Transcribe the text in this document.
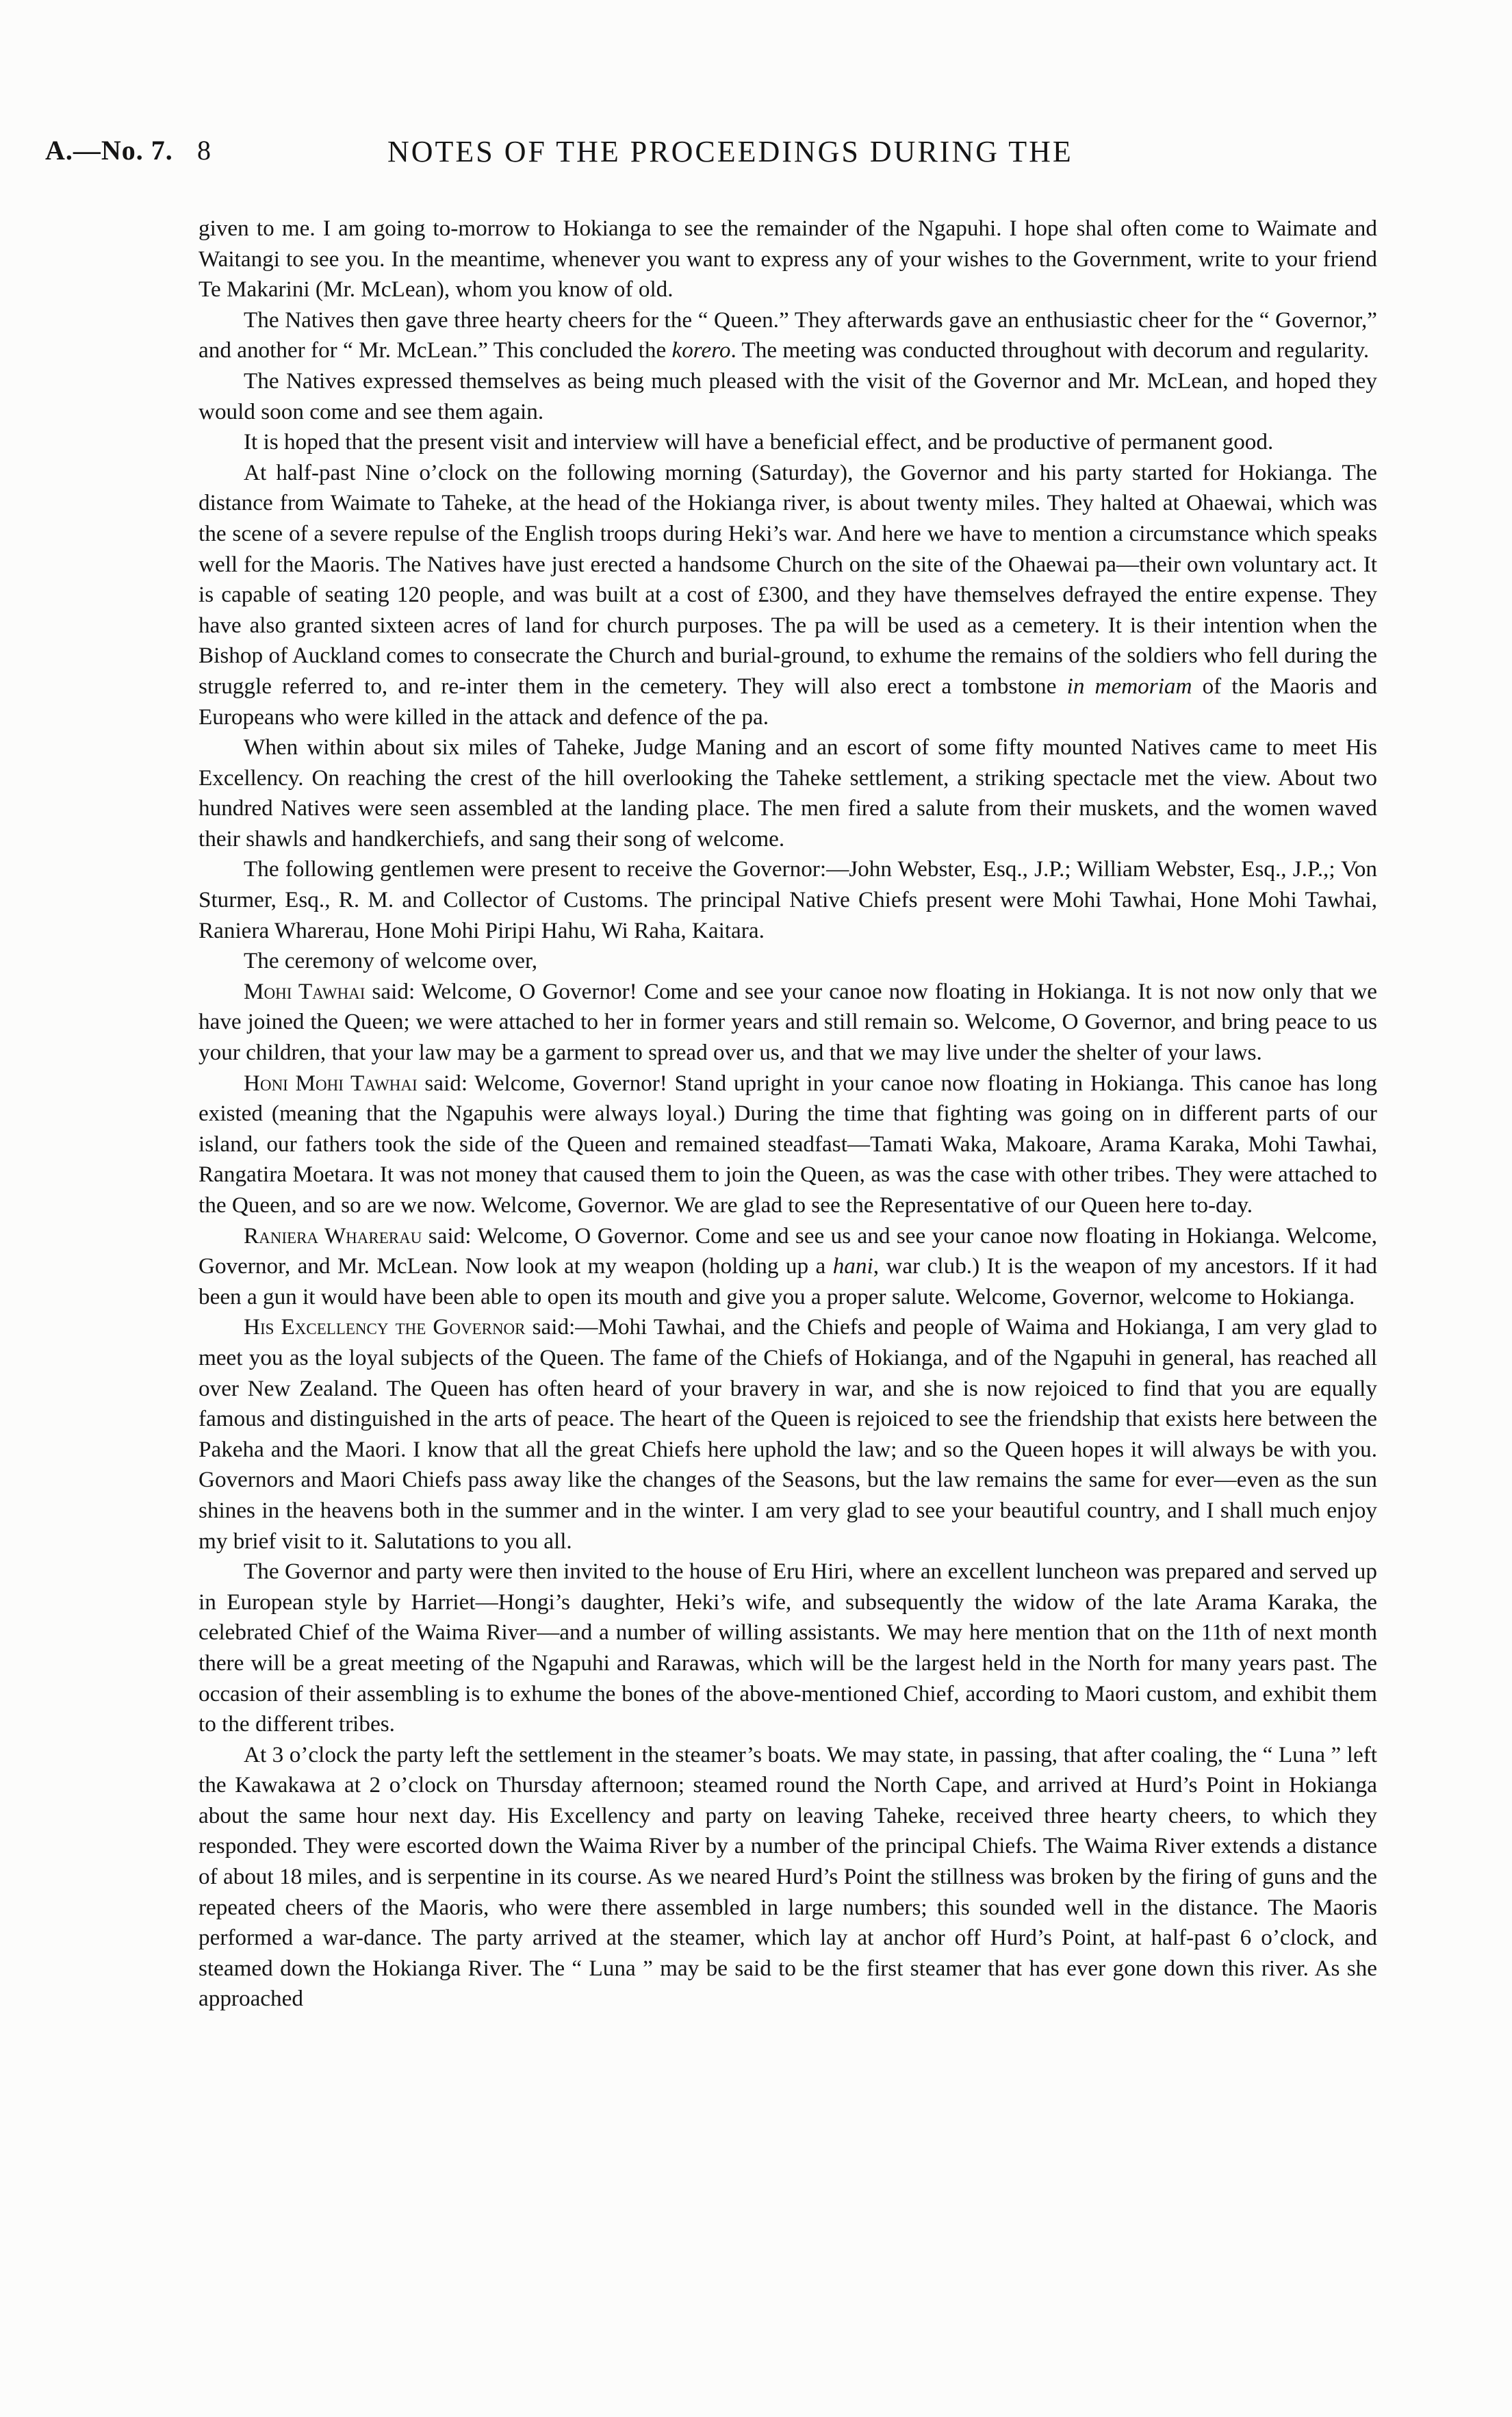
A.—No. 7. 8	NOTES OF THE PROCEEDINGS DURING THE

given to me. I am going to-morrow to Hokianga to see the remainder of the Ngapuhi. I hope shal often come to Waimate and Waitangi to see you. In the meantime, whenever you want to express any of your wishes to the Government, write to your friend Te Makarini (Mr. McLean), whom you know of old.

The Natives then gave three hearty cheers for the “ Queen.” They afterwards gave an enthusiastic cheer for the “ Governor,” and another for “ Mr. McLean.” This concluded the korero. The meeting was conducted throughout with decorum and regularity.

The Natives expressed themselves as being much pleased with the visit of the Governor and Mr. McLean, and hoped they would soon come and see them again.

It is hoped that the present visit and interview will have a beneficial effect, and be productive of permanent good.

At half-past Nine o’clock on the following morning (Saturday), the Governor and his party started for Hokianga. The distance from Waimate to Taheke, at the head of the Hokianga river, is about twenty miles. They halted at Ohaewai, which was the scene of a severe repulse of the English troops during Heki’s war. And here we have to mention a circumstance which speaks well for the Maoris. The Natives have just erected a handsome Church on the site of the Ohaewai pa—their own voluntary act. It is capable of seating 120 people, and was built at a cost of £300, and they have themselves defrayed the entire expense. They have also granted sixteen acres of land for church purposes. The pa will be used as a cemetery. It is their intention when the Bishop of Auckland comes to consecrate the Church and burial-ground, to exhume the remains of the soldiers who fell during the struggle referred to, and re-inter them in the cemetery. They will also erect a tombstone in memoriam of the Maoris and Europeans who were killed in the attack and defence of the pa.

When within about six miles of Taheke, Judge Maning and an escort of some fifty mounted Natives came to meet His Excellency. On reaching the crest of the hill overlooking the Taheke settlement, a striking spectacle met the view. About two hundred Natives were seen assembled at the landing place. The men fired a salute from their muskets, and the women waved their shawls and handkerchiefs, and sang their song of welcome.

The following gentlemen were present to receive the Governor:—John Webster, Esq., J.P.; William Webster, Esq., J.P.,; Von Sturmer, Esq., R. M. and Collector of Customs. The principal Native Chiefs present were Mohi Tawhai, Hone Mohi Tawhai, Raniera Wharerau, Hone Mohi Piripi Hahu, Wi Raha, Kaitara.

The ceremony of welcome over,

Mohi Tawhai said: Welcome, O Governor! Come and see your canoe now floating in Hokianga. It is not now only that we have joined the Queen; we were attached to her in former years and still remain so. Welcome, O Governor, and bring peace to us your children, that your law may be a garment to spread over us, and that we may live under the shelter of your laws.

Honi Mohi Tawhai said: Welcome, Governor! Stand upright in your canoe now floating in Hokianga. This canoe has long existed (meaning that the Ngapuhis were always loyal.) During the time that fighting was going on in different parts of our island, our fathers took the side of the Queen and remained steadfast—Tamati Waka, Makoare, Arama Karaka, Mohi Tawhai, Rangatira Moetara. It was not money that caused them to join the Queen, as was the case with other tribes. They were attached to the Queen, and so are we now. Welcome, Governor. We are glad to see the Representative of our Queen here to-day.

Raniera Wharerau said: Welcome, O Governor. Come and see us and see your canoe now floating in Hokianga. Welcome, Governor, and Mr. McLean. Now look at my weapon (holding up a hani, war club.) It is the weapon of my ancestors. If it had been a gun it would have been able to open its mouth and give you a proper salute. Welcome, Governor, welcome to Hokianga.

His Excellency the Governor said:—Mohi Tawhai, and the Chiefs and people of Waima and Hokianga, I am very glad to meet you as the loyal subjects of the Queen. The fame of the Chiefs of Hokianga, and of the Ngapuhi in general, has reached all over New Zealand. The Queen has often heard of your bravery in war, and she is now rejoiced to find that you are equally famous and distinguished in the arts of peace. The heart of the Queen is rejoiced to see the friendship that exists here between the Pakeha and the Maori. I know that all the great Chiefs here uphold the law; and so the Queen hopes it will always be with you. Governors and Maori Chiefs pass away like the changes of the Seasons, but the law remains the same for ever—even as the sun shines in the heavens both in the summer and in the winter. I am very glad to see your beautiful country, and I shall much enjoy my brief visit to it. Salutations to you all.

The Governor and party were then invited to the house of Eru Hiri, where an excellent luncheon was prepared and served up in European style by Harriet—Hongi’s daughter, Heki’s wife, and subsequently the widow of the late Arama Karaka, the celebrated Chief of the Waima River—and a number of willing assistants. We may here mention that on the 11th of next month there will be a great meeting of the Ngapuhi and Rarawas, which will be the largest held in the North for many years past. The occasion of their assembling is to exhume the bones of the above-mentioned Chief, according to Maori custom, and exhibit them to the different tribes.

At 3 o’clock the party left the settlement in the steamer’s boats. We may state, in passing, that after coaling, the “ Luna ” left the Kawakawa at 2 o’clock on Thursday afternoon; steamed round the North Cape, and arrived at Hurd’s Point in Hokianga about the same hour next day. His Excellency and party on leaving Taheke, received three hearty cheers, to which they responded. They were escorted down the Waima River by a number of the principal Chiefs. The Waima River extends a distance of about 18 miles, and is serpentine in its course. As we neared Hurd’s Point the stillness was broken by the firing of guns and the repeated cheers of the Maoris, who were there assembled in large numbers; this sounded well in the distance. The Maoris performed a war-dance. The party arrived at the steamer, which lay at anchor off Hurd’s Point, at half-past 6 o’clock, and steamed down the Hokianga River. The “ Luna ” may be said to be the first steamer that has ever gone down this river. As she approached
